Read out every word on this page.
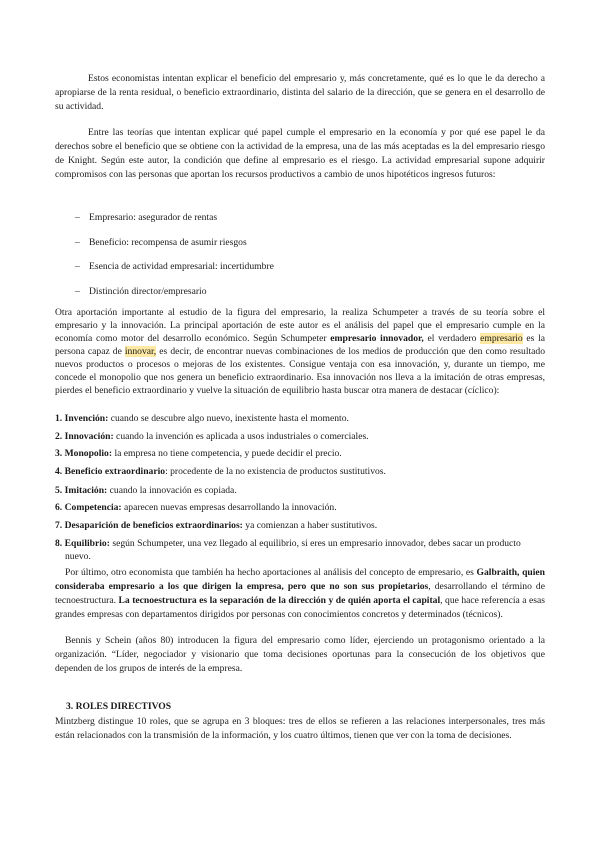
Estos economistas intentan explicar el beneficio del empresario y, más concretamente, qué es lo que le da derecho a apropiarse de la renta residual, o beneficio extraordinario, distinta del salario de la dirección, que se genera en el desarrollo de su actividad.

Entre las teorías que intentan explicar qué papel cumple el empresario en la economía y por qué ese papel le da derechos sobre el beneficio que se obtiene con la actividad de la empresa, una de las más aceptadas es la del empresario riesgo de Knight. Según este autor, la condición que define al empresario es el riesgo. La actividad empresarial supone adquirir compromisos con las personas que aportan los recursos productivos a cambio de unos hipotéticos ingresos futuros:

– Empresario: asegurador de rentas

– Beneficio: recompensa de asumir riesgos

– Esencia de actividad empresarial: incertidumbre

– Distinción director/empresario

Otra aportación importante al estudio de la figura del empresario, la realiza Schumpeter a través de su teoría sobre el empresario y la innovación. La principal aportación de este autor es el análisis del papel que el empresario cumple en la economía como motor del desarrollo económico. Según Schumpeter empresario innovador, el verdadero empresario es la persona capaz de innovar, es decir, de encontrar nuevas combinaciones de los medios de producción que den como resultado nuevos productos o procesos o mejoras de los existentes. Consigue ventaja con esa innovación, y, durante un tiempo, me concede el monopolio que nos genera un beneficio extraordinario. Esa innovación nos lleva a la imitación de otras empresas, pierdes el beneficio extraordinario y vuelve la situación de equilibrio hasta buscar otra manera de destacar (cíclico):

1. Invención: cuando se descubre algo nuevo, inexistente hasta el momento.

2. Innovación: cuando la invención es aplicada a usos industriales o comerciales.

3. Monopolio: la empresa no tiene competencia, y puede decidir el precio.

4. Beneficio extraordinario: procedente de la no existencia de productos sustitutivos.

5. Imitación: cuando la innovación es copiada.

6. Competencia: aparecen nuevas empresas desarrollando la innovación.

7. Desaparición de beneficios extraordinarios: ya comienzan a haber sustitutivos.

8. Equilibrio: según Schumpeter, una vez llegado al equilibrio, si eres un empresario innovador, debes sacar un producto nuevo.

Por último, otro economista que también ha hecho aportaciones al análisis del concepto de empresario, es Galbraith, quien consideraba empresario a los que dirigen la empresa, pero que no son sus propietarios, desarrollando el término de tecnoestructura. La tecnoestructura es la separación de la dirección y de quién aporta el capital, que hace referencia a esas grandes empresas con departamentos dirigidos por personas con conocimientos concretos y determinados (técnicos).

Bennis y Schein (años 80) introducen la figura del empresario como líder, ejerciendo un protagonismo orientado a la organización. “Líder, negociador y visionario que toma decisiones oportunas para la consecución de los objetivos que dependen de los grupos de interés de la empresa.

3. ROLES DIRECTIVOS

Mintzberg distingue 10 roles, que se agrupa en 3 bloques: tres de ellos se refieren a las relaciones interpersonales, tres más están relacionados con la transmisión de la información, y los cuatro últimos, tienen que ver con la toma de decisiones.
